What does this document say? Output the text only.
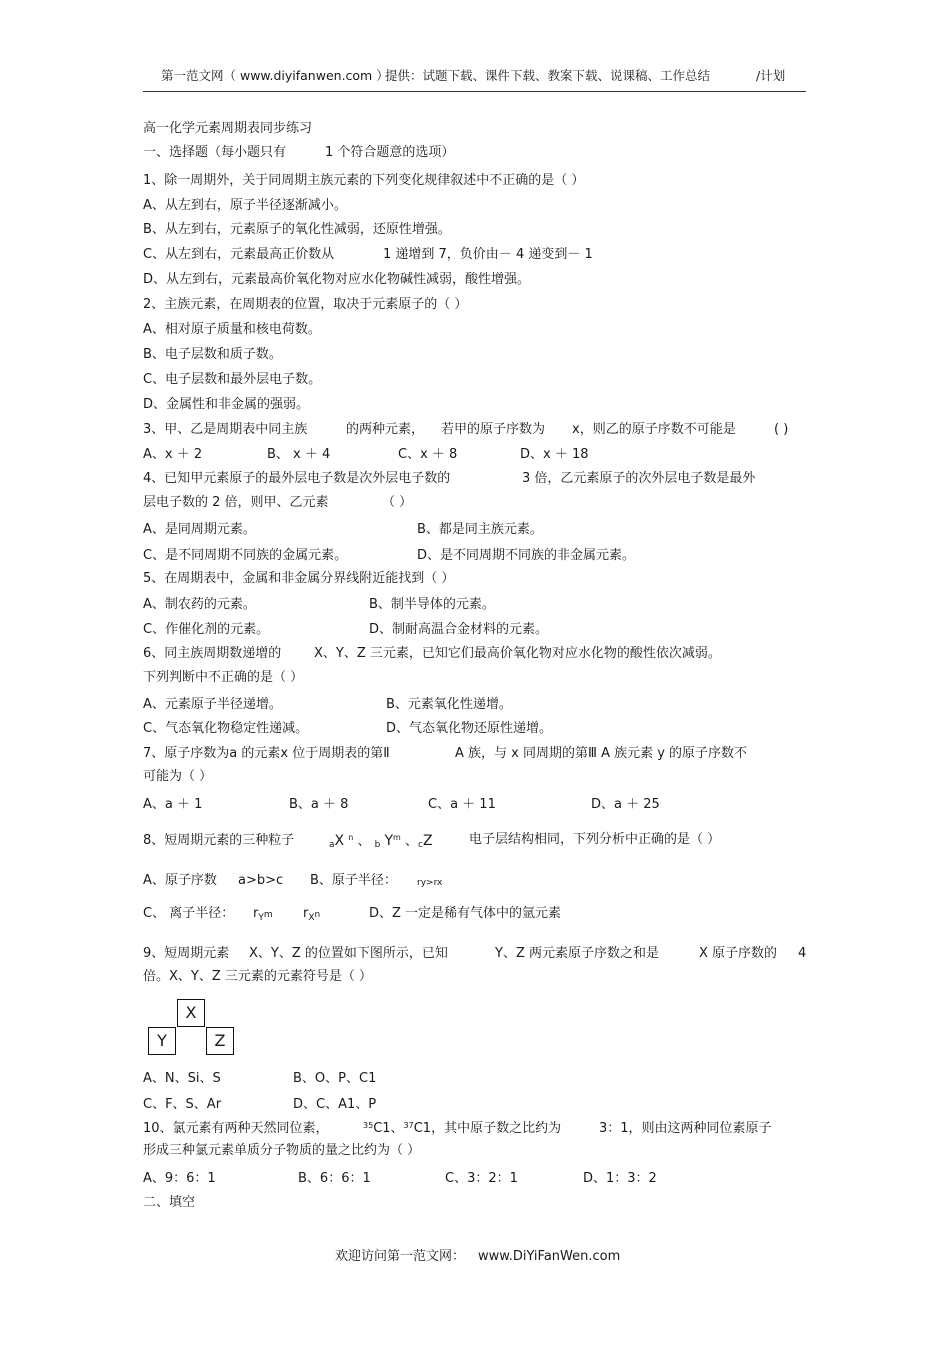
第一范文网（ www.diyifanwen.com ）
提供：试题下载、课件下载、教案下载、说课稿、工作总结	/计划
高一化学元素周期表同步练习
一、选择题（每小题只有	1 个符合题意的选项）
1、除一周期外，关于同周期主族元素的下列变化规律叙述中不正确的是（ ）
A、从左到右，原子半径逐渐减小。
B、从左到右，元素原子的氧化性减弱，还原性增强。
C、从左到右，元素最高正价数从	1 递增到 7，负价由－ 4 递变到－ 1
D、从左到右，元素最高价氧化物对应水化物碱性减弱，酸性增强。
2、主族元素，在周期表的位置，取决于元素原子的（ ）
A、相对原子质量和核电荷数。
B、电子层数和质子数。
C、电子层数和最外层电子数。
D、金属性和非金属的强弱。
3、甲、乙是周期表中同主族	的两种元素， 若甲的原子序数为 x，则乙的原子序数不可能是	( )
A、x ＋ 2	B、 x ＋ 4	C、x ＋ 8	D、x ＋ 18
4、已知甲元素原子的最外层电子数是次外层电子数的	3 倍，乙元素原子的次外层电子数是最外
层电子数的 2 倍，则甲、乙元素	（ ）
A、是同周期元素。	B、都是同主族元素。
C、是不同周期不同族的金属元素。	D、是不同周期不同族的非金属元素。
5、在周期表中，金属和非金属分界线附近能找到（ ）
A、制农药的元素。	B、制半导体的元素。
C、作催化剂的元素。	D、制耐高温合金材料的元素。
6、同主族周期数递增的	X、Y、Z 三元素，已知它们最高价氧化物对应水化物的酸性依次减弱。
下列判断中不正确的是（ ）
A、元素原子半径递增。	B、元素氧化性递增。
C、气态氧化物稳定性递减。	D、气态氧化物还原性递增。
7、原子序数为a 的元素x 位于周期表的第Ⅱ	A 族，与 x 同周期的第Ⅲ A 族元素 y 的原子序数不
可能为（ ）
A、a ＋ 1	B、a ＋ 8	C、a ＋ 11	D、a ＋ 25
8、短周期元素的三种粒子	$_a$X $^n$ 、 $_b$ $Y^m$ 、$_c$Z	电子层结构相同，下列分析中正确的是（ ）
A、原子序数 a>b>c B、原子半径： ry>rx
C、 离子半径： $r_Ym$ $r_Xn$	D、Z 一定是稀有气体中的氩元素
9、短周期元素 X、Y、Z 的位置如下图所示，已知	Y、Z 两元素原子序数之和是	X 原子序数的 4
倍。X、Y、Z 三元素的元素符号是（ ）
X
Y	Z
A、N、Si、S	B、O、P、C1
C、F、S、Ar	D、C、A1、P
10、氯元素有两种天然同位素，	$^{35}$C1、$^{37}$C1，其中原子数之比约为	3：1，则由这两种同位素原子
形成三种氯元素单质分子物质的量之比约为（ ）
A、9：6：1	B、6：6：1	C、3：2：1	D、1：3：2
二、填空
欢迎访问第一范文网： www.DiYiFanWen.com
